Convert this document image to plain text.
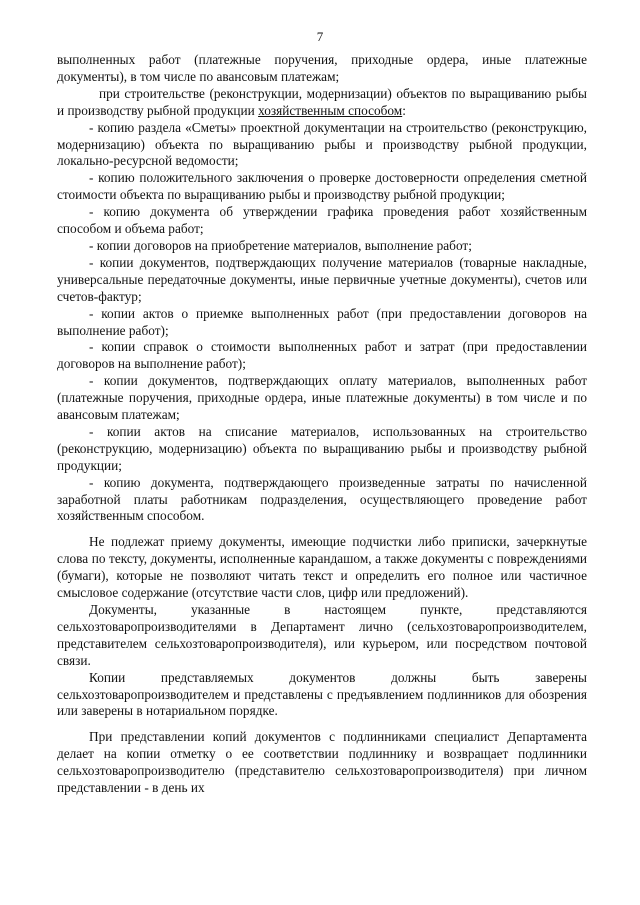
7

выполненных работ (платежные поручения, приходные ордера, иные платежные документы), в том числе по авансовым платежам;

при строительстве (реконструкции, модернизации) объектов по выращиванию рыбы и производству рыбной продукции хозяйственным способом:

- копию раздела «Сметы» проектной документации на строительство (реконструкцию, модернизацию) объекта по выращиванию рыбы и производству рыбной продукции, локально-ресурсной ведомости;

- копию положительного заключения о проверке достоверности определения сметной стоимости объекта по выращиванию рыбы и производству рыбной продукции;

- копию документа об утверждении графика проведения работ хозяйственным способом и объема работ;

- копии договоров на приобретение материалов, выполнение работ;

- копии документов, подтверждающих получение материалов (товарные накладные, универсальные передаточные документы, иные первичные учетные документы), счетов или счетов-фактур;

- копии актов о приемке выполненных работ (при предоставлении договоров на выполнение работ);

- копии справок о стоимости выполненных работ и затрат (при предоставлении договоров на выполнение работ);

- копии документов, подтверждающих оплату материалов, выполненных работ (платежные поручения, приходные ордера, иные платежные документы) в том числе и по авансовым платежам;

- копии актов на списание материалов, использованных на строительство (реконструкцию, модернизацию) объекта по выращиванию рыбы и производству рыбной продукции;

- копию документа, подтверждающего произведенные затраты по начисленной заработной платы работникам подразделения, осуществляющего проведение работ хозяйственным способом.

Не подлежат приему документы, имеющие подчистки либо приписки, зачеркнутые слова по тексту, документы, исполненные карандашом, а также документы с повреждениями (бумаги), которые не позволяют читать текст и определить его полное или частичное смысловое содержание (отсутствие части слов, цифр или предложений).

Документы, указанные в настоящем пункте, представляются сельхозтоваропроизводителями в Департамент лично (сельхозтоваропроизводителем, представителем сельхозтоваропроизводителя), или курьером, или посредством почтовой связи.

Копии представляемых документов должны быть заверены сельхозтоваропроизводителем и представлены с предъявлением подлинников для обозрения или заверены в нотариальном порядке.

При представлении копий документов с подлинниками специалист Департамента делает на копии отметку о ее соответствии подлиннику и возвращает подлинники сельхозтоваропроизводителю (представителю сельхозтоваропроизводителя) при личном представлении - в день их
